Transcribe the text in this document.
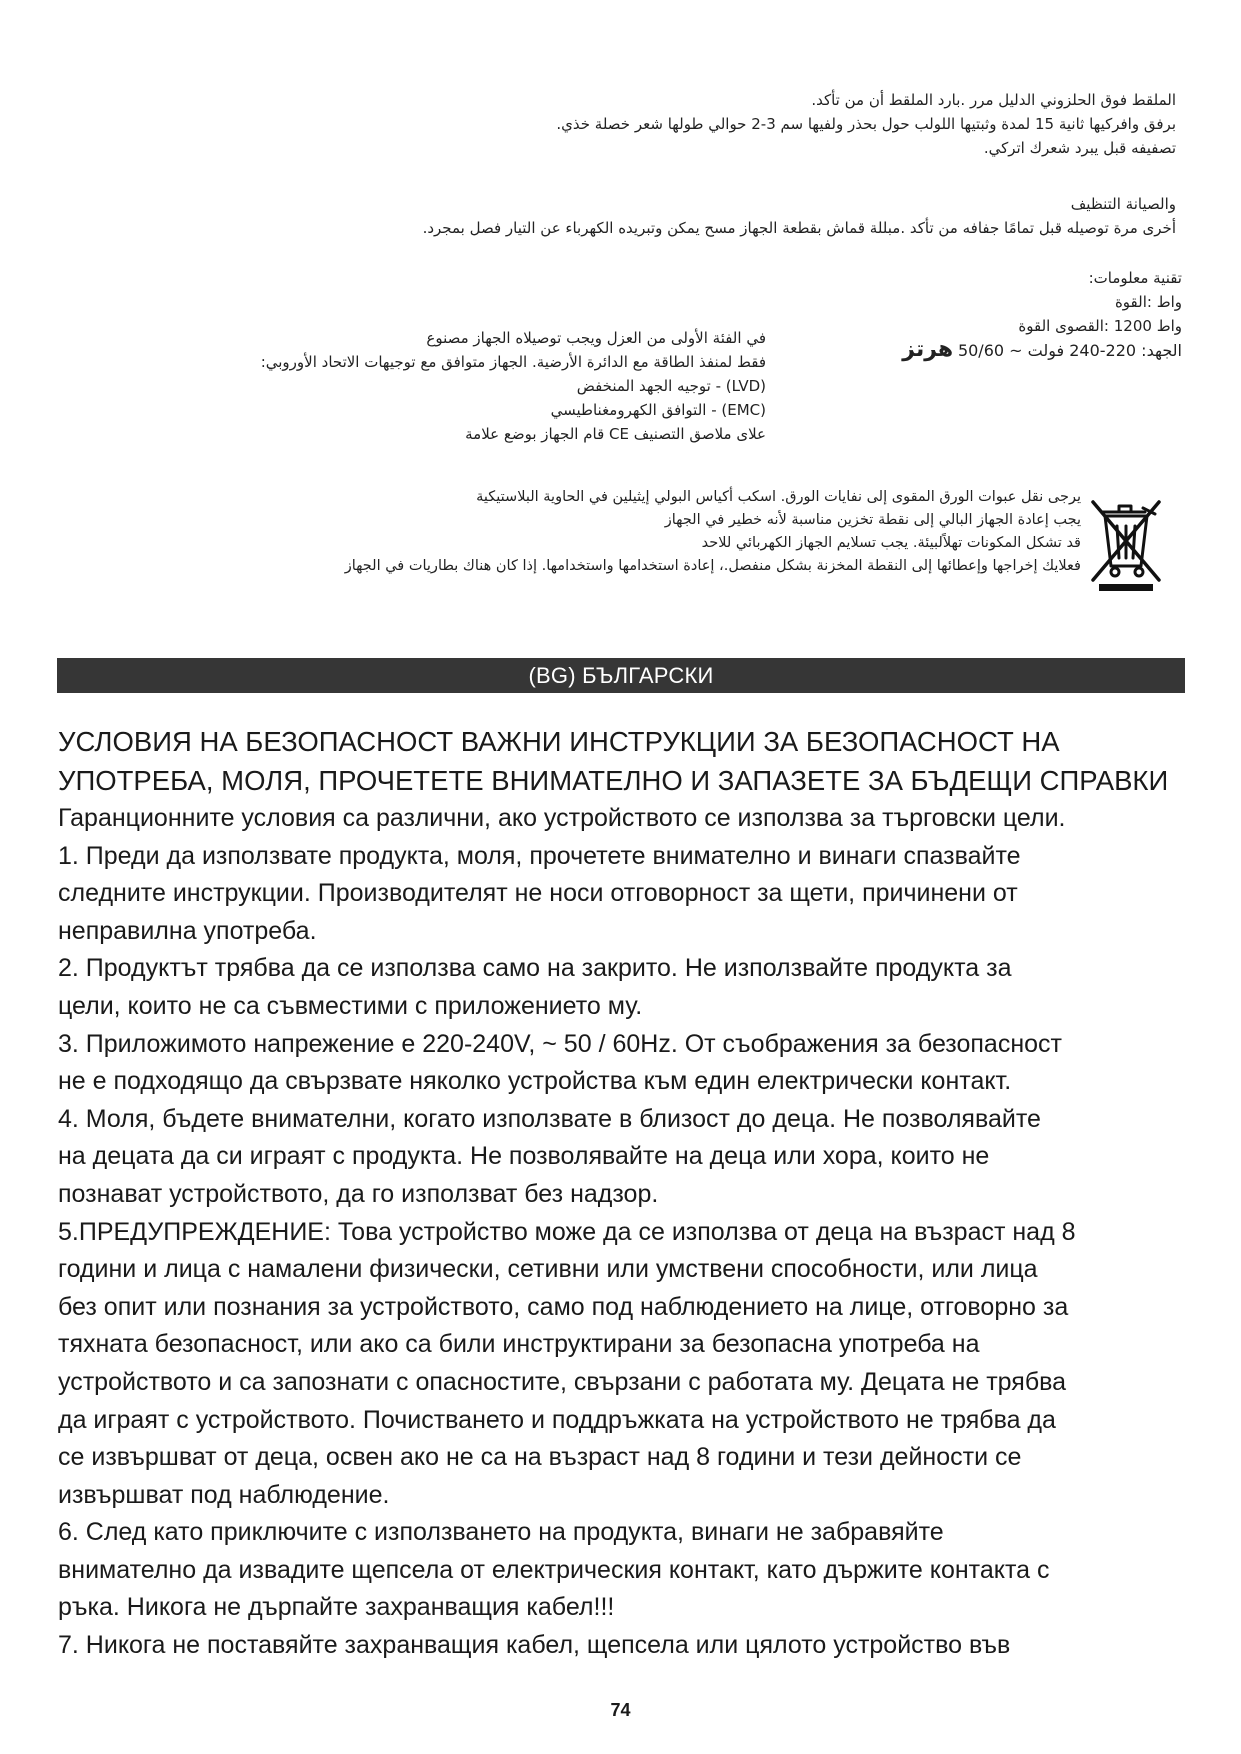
الملقط فوق الحلزوني الدليل مرر .بارد الملقط أن من تأكد.

برفق وافركيها ثانية 15 لمدة وثبتيها اللولب حول بحذر ولفيها سم 3-2 حوالي طولها شعر خصلة خذي.

تصفيفه قبل يبرد شعرك اتركي.

والصيانة التنظيف

أخرى مرة توصيله قبل تمامًا جفافه من تأكد .مبللة قماش بقطعة الجهاز مسح يمكن وتبريده الكهرباء عن التيار فصل بمجرد.

تقنية معلومات:

واط :القوة

واط 1200 :القصوى القوة

الجهد: 220-240 فولت ~ 50/60 هرتز

في الفئة الأولى من العزل ويجب توصيلاه الجهاز مصنوع

فقط لمنفذ الطاقة مع الدائرة الأرضية. الجهاز متوافق مع توجيهات الاتحاد الأوروبي:

(LVD) - توجيه الجهد المنخفض

(EMC) - التوافق الكهرومغناطيسي

علاى ملاصق التصنيف CE قام الجهاز بوضع علامة

يرجى نقل عبوات الورق المقوى إلى نفايات الورق. اسكب أكياس البولي إيثيلين في الحاوية البلاستيكية

يجب إعادة الجهاز البالي إلى نقطة تخزين مناسبة لأنه خطير في الجهاز

قد تشكل المكونات تهلاًلبيئة. يجب تسلايم الجهاز الكهربائي للاحد

فعلايك إخراجها وإعطائها إلى النقطة المخزنة بشكل منفصل.، إعادة استخدامها واستخدامها. إذا كان هناك بطاريات في الجهاز

(BG) БЪЛГАРСКИ

УСЛОВИЯ НА БЕЗОПАСНОСТ ВАЖНИ ИНСТРУКЦИИ ЗА БЕЗОПАСНОСТ НА
УПОТРЕБА, МОЛЯ, ПРОЧЕТЕТЕ ВНИМАТЕЛНО И ЗАПАЗЕТЕ ЗА БЪДЕЩИ СПРАВКИ

Гаранционните условия са различни, ако устройството се използва за търговски цели.

1. Преди да използвате продукта, моля, прочетете внимателно и винаги спазвайте
следните инструкции. Производителят не носи отговорност за щети, причинени от
неправилна употреба.

2. Продуктът трябва да се използва само на закрито. Не използвайте продукта за
цели, които не са съвместими с приложението му.

3. Приложимото напрежение е 220-240V, ~ 50 / 60Hz. От съображения за безопасност
не е подходящо да свързвате няколко устройства към един електрически контакт.

4. Моля, бъдете внимателни, когато използвате в близост до деца. Не позволявайте
на децата да си играят с продукта. Не позволявайте на деца или хора, които не
познават устройството, да го използват без надзор.

5.ПРЕДУПРЕЖДЕНИЕ: Това устройство може да се използва от деца на възраст над 8
години и лица с намалени физически, сетивни или умствени способности, или лица
без опит или познания за устройството, само под наблюдението на лице, отговорно за
тяхната безопасност, или ако са били инструктирани за безопасна употреба на
устройството и са запознати с опасностите, свързани с работата му. Децата не трябва
да играят с устройството. Почистването и поддръжката на устройството не трябва да
се извършват от деца, освен ако не са на възраст над 8 години и тези дейности се
извършват под наблюдение.

6. След като приключите с използването на продукта, винаги не забравяйте
внимателно да извадите щепсела от електрическия контакт, като държите контакта с
ръка. Никога не дърпайте захранващия кабел!!!

7. Никога не поставяйте захранващия кабел, щепсела или цялото устройство във

74
